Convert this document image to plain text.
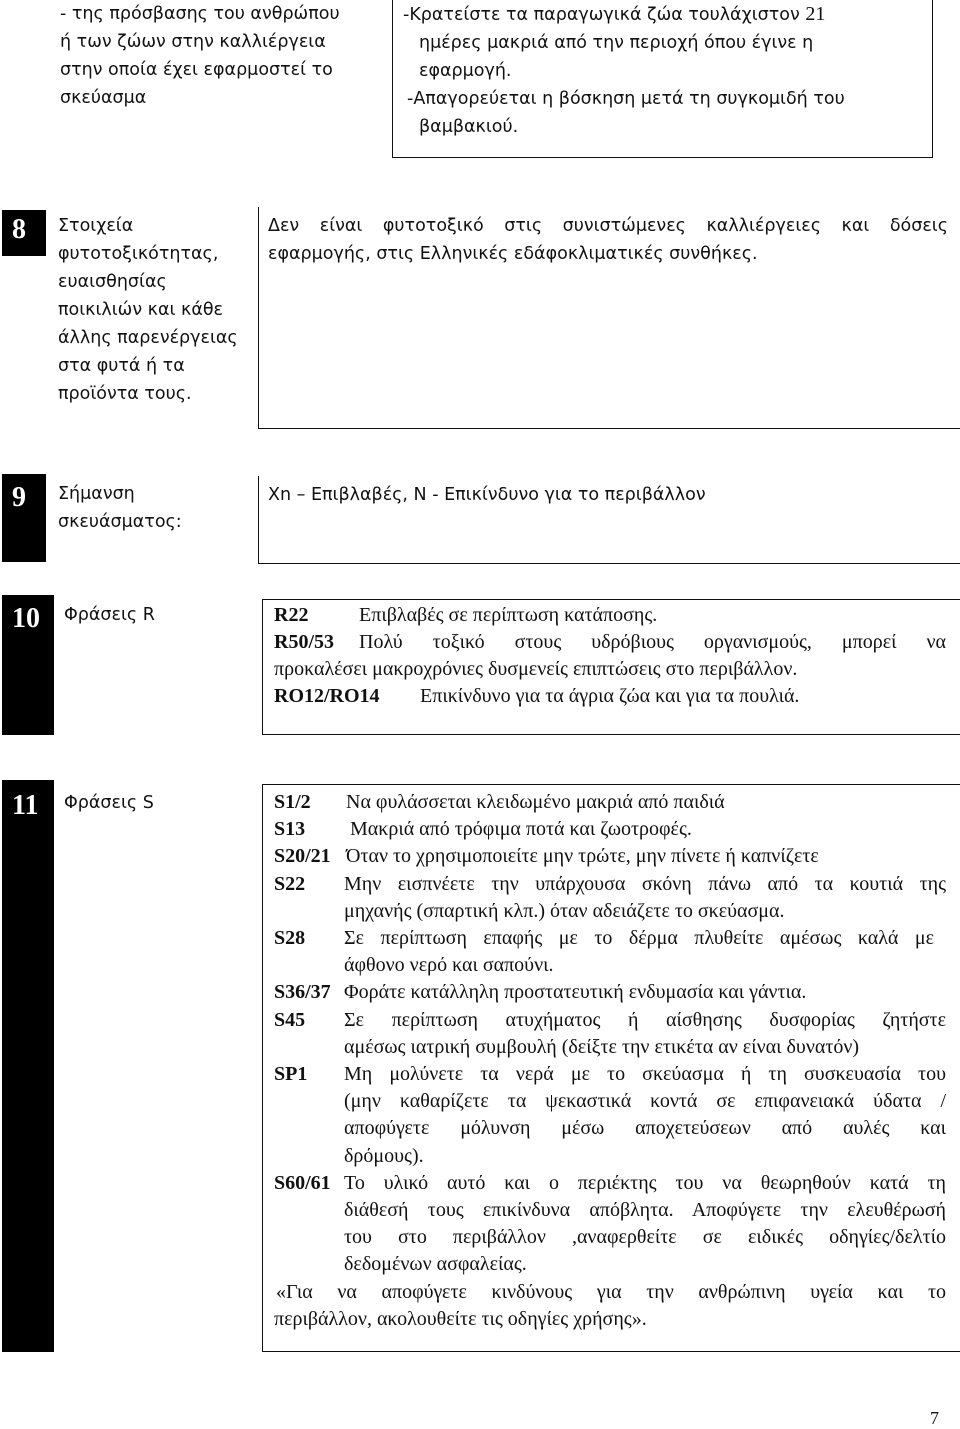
- της πρόσβασης του ανθρώπου
ή των ζώων στην καλλιέργεια
στην οποία έχει εφαρμοστεί το
σκεύασμα
-Κρατείστε τα παραγωγικά ζώα τουλάχιστον 21
ημέρες μακριά από την περιοχή όπου έγινε η
εφαρμογή.
-Απαγορεύεται η βόσκηση μετά τη συγκομιδή του
βαμβακιού.
8	Στοιχεία
φυτοτοξικότητας,
ευαισθησίας
ποικιλιών και κάθε
άλλης παρενέργειας
στα φυτά ή τα
προϊόντα τους.
Δεν είναι φυτοτοξικό στις συνιστώμενες καλλιέργειες και δόσεις
εφαρμογής, στις Ελληνικές εδάφοκλιματικές συνθήκες.
9	Σήμανση
σκευάσματος:
Xn – Επιβλαβές, N - Επικίνδυνο για το περιβάλλον
10	Φράσεις R	R22	Επιβλαβές σε περίπτωση κατάποσης.
R50/53	Πολύ τοξικό στους υδρόβιους οργανισμούς, μπορεί να
προκαλέσει μακροχρόνιες δυσμενείς επιπτώσεις στο περιβάλλον.
RO12/RO14	Επικίνδυνο για τα άγρια ζώα και για τα πουλιά.
11	Φράσεις S	S1/2	Να φυλάσσεται κλειδωμένο μακριά από παιδιά
S13	Μακριά από τρόφιμα ποτά και ζωοτροφές.
S20/21 Όταν το χρησιμοποιείτε μην τρώτε, μην πίνετε ή καπνίζετε
S22	Μην εισπνέετε την υπάρχουσα σκόνη πάνω από τα κουτιά της
μηχανής (σπαρτική κλπ.) όταν αδειάζετε το σκεύασμα.
S28	Σε περίπτωση επαφής με το δέρμα πλυθείτε αμέσως καλά με
άφθονο νερό και σαπούνι.
S36/37 Φοράτε κατάλληλη προστατευτική ενδυμασία και γάντια.
S45	Σε περίπτωση ατυχήματος ή αίσθησης δυσφορίας ζητήστε
αμέσως ιατρική συμβουλή (δείξτε την ετικέτα αν είναι δυνατόν)
SP1	Μη μολύνετε τα νερά με το σκεύασμα ή τη συσκευασία του
(μην καθαρίζετε τα ψεκαστικά κοντά σε επιφανειακά ύδατα /
αποφύγετε μόλυνση μέσω αποχετεύσεων από αυλές και
δρόμους).
S60/61 Το υλικό αυτό και ο περιέκτης του να θεωρηθούν κατά τη
διάθεσή τους επικίνδυνα απόβλητα. Αποφύγετε την ελευθέρωσή
του στο περιβάλλον ,αναφερθείτε σε ειδικές οδηγίες/δελτίο
δεδομένων ασφαλείας.
«Για να αποφύγετε κινδύνους για την ανθρώπινη υγεία και το
περιβάλλον, ακολουθείτε τις οδηγίες χρήσης».
7
